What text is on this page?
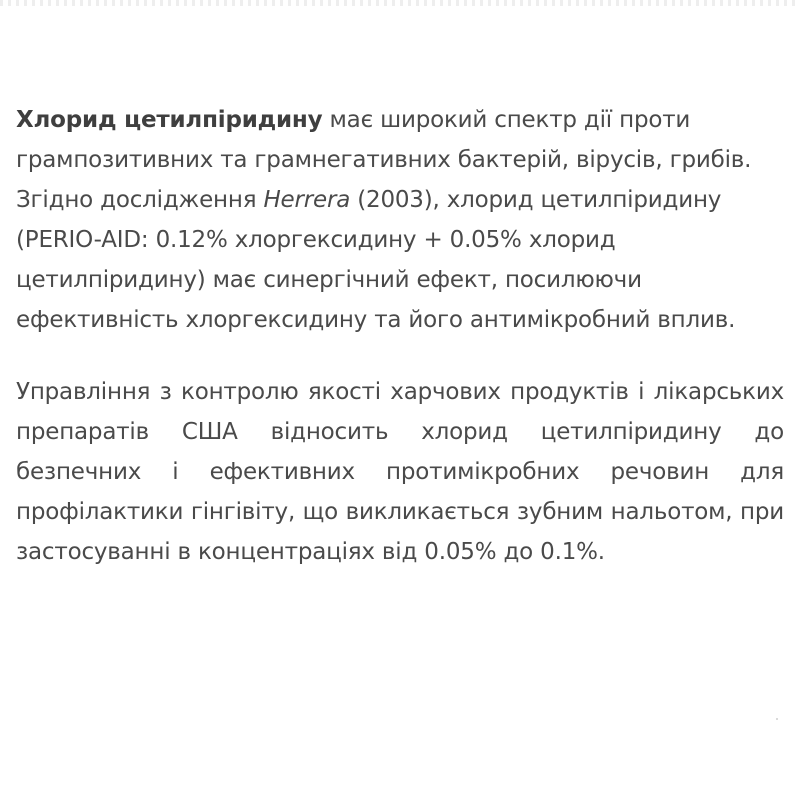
Хлорид цетилпіридину має широкий спектр дії проти грампозитивних та грамнегативних бактерій, вірусів, грибів. Згідно дослідження Herrera (2003), хлорид цетилпіридину (PERIO-AID: 0.12% хлоргексидину + 0.05% хлорид цетилпіридину) має синергічний ефект, посилюючи ефективність хлоргексидину та його антимікробний вплив.

Управління з контролю якості харчових продуктів і лікарських препаратів США відносить хлорид цетилпіридину до безпечних і ефективних протимікробних речовин для профілактики гінгівіту, що викликається зубним нальотом, при застосуванні в концентраціях від 0.05% до 0.1%.
